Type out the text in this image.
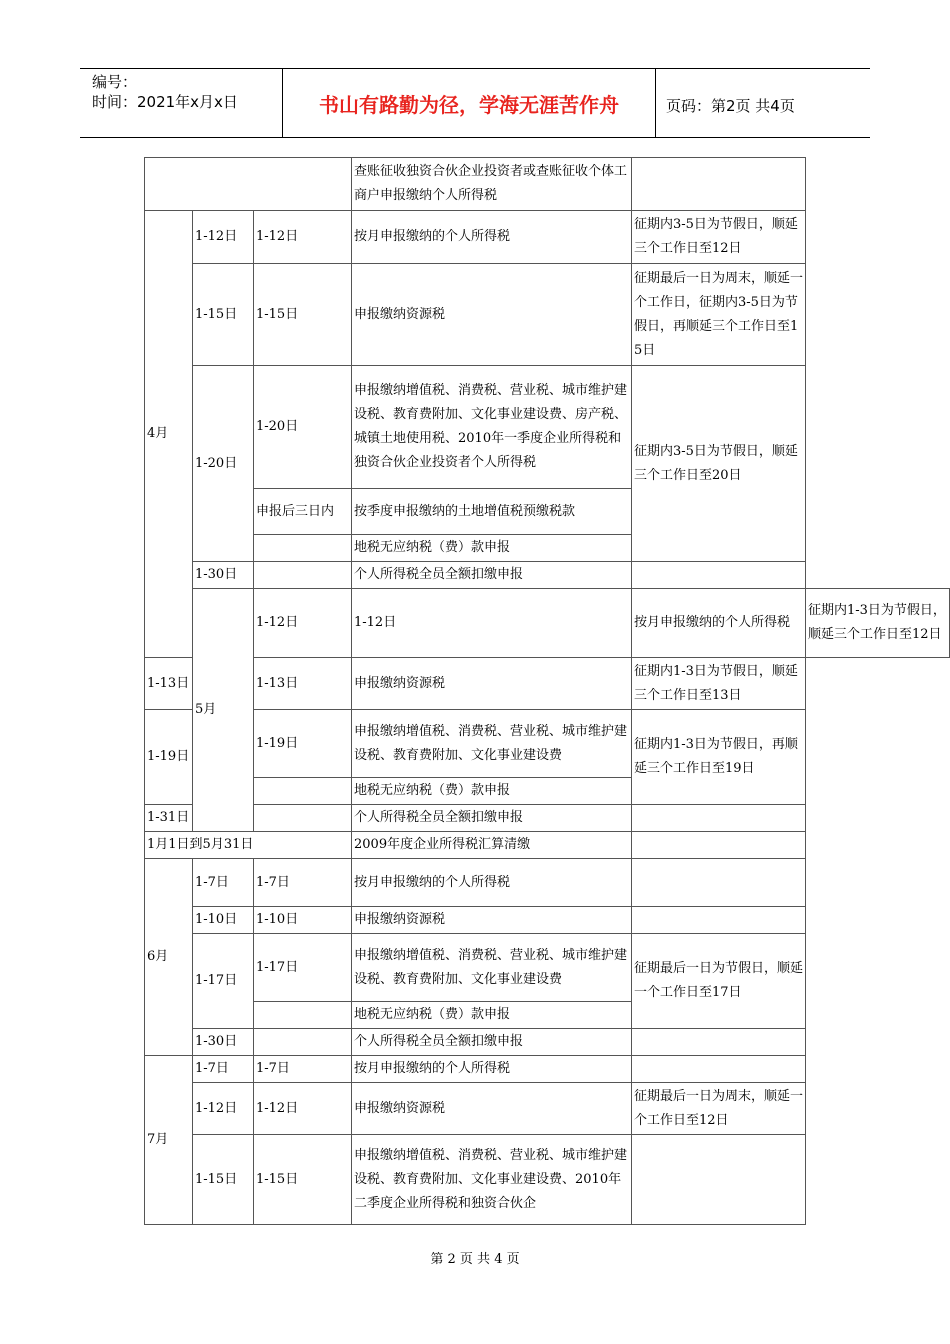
编号：
时间：2021年x月x日	书山有路勤为径，学海无涯苦作舟	页码：第2页 共4页
			查账征收独资合伙企业投资者或查账征收个体工商户申报缴纳个人所得税		
4月	1-12日	1-12日	按月申报缴纳的个人所得税	征期内3-5日为节假日，顺延三个工作日至12日	
	1-15日	1-15日	申报缴纳资源税	征期最后一日为周末，顺延一个工作日，征期内3-5日为节假日，再顺延三个工作日至15日	
	1-20日	1-20日	申报缴纳增值税、消费税、营业税、城市维护建设税、教育费附加、文化事业建设费、房产税、城镇土地使用税、2010年一季度企业所得税和独资合伙企业投资者个人所得税	征期内3-5日为节假日，顺延三个工作日至20日	
		申报后三日内	按季度申报缴纳的土地增值税预缴税款		
			地税无应纳税（费）款申报		
	1-30日		个人所得税全员全额扣缴申报		
	5月	1-12日	1-12日	按月申报缴纳的个人所得税	征期内1-3日为节假日，顺延三个工作日至12日
1-13日		1-13日	申报缴纳资源税	征期内1-3日为节假日，顺延三个工作日至13日	
1-19日		1-19日	申报缴纳增值税、消费税、营业税、城市维护建设税、教育费附加、文化事业建设费	征期内1-3日为节假日，再顺延三个工作日至19日	
			地税无应纳税（费）款申报		
1-31日			个人所得税全员全额扣缴申报		
1月1日到5月31日			2009年度企业所得税汇算清缴		
6月	1-7日	1-7日	按月申报缴纳的个人所得税		
	1-10日	1-10日	申报缴纳资源税		
	1-17日	1-17日	申报缴纳增值税、消费税、营业税、城市维护建设税、教育费附加、文化事业建设费	征期最后一日为节假日，顺延一个工作日至17日	
			地税无应纳税（费）款申报		
	1-30日		个人所得税全员全额扣缴申报		
7月	1-7日	1-7日	按月申报缴纳的个人所得税		
	1-12日	1-12日	申报缴纳资源税	征期最后一日为周末，顺延一个工作日至12日	
	1-15日	1-15日	申报缴纳增值税、消费税、营业税、城市维护建设税、教育费附加、文化事业建设费、2010年二季度企业所得税和独资合伙企		
第 2 页 共 4 页
